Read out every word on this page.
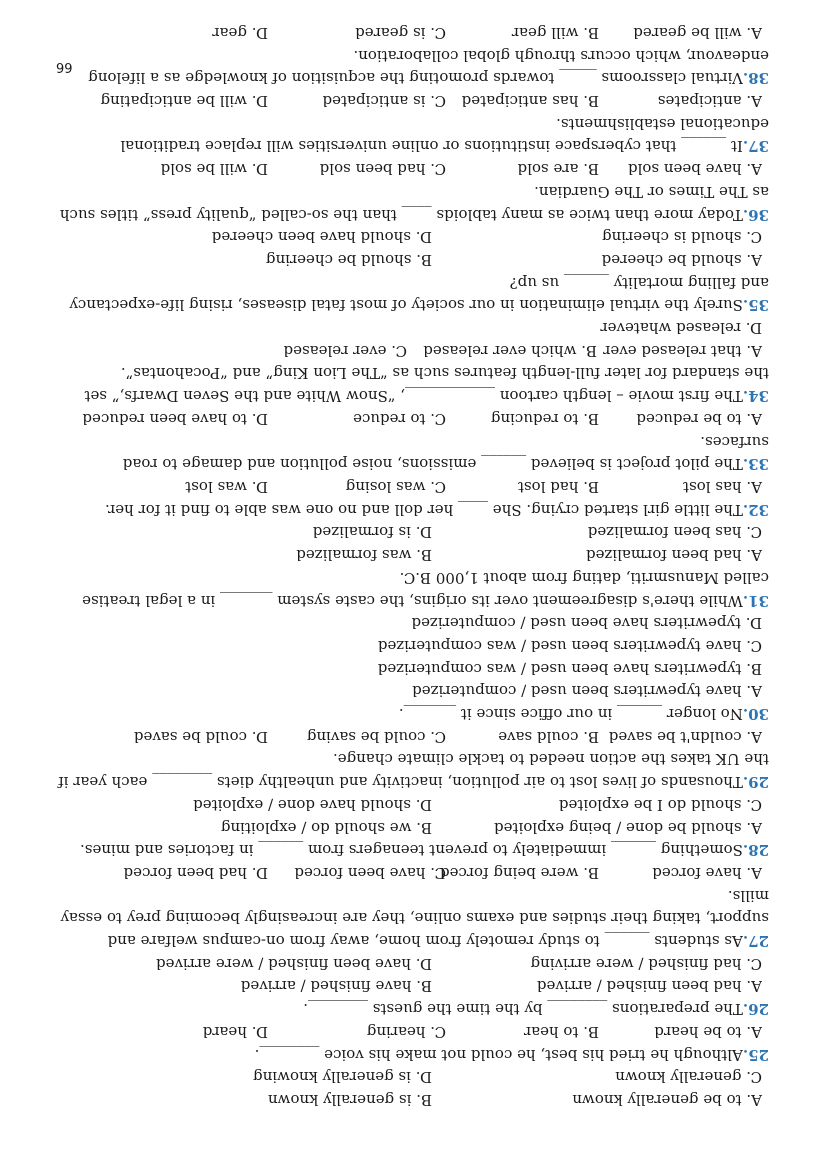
A. to be generally known
B. is generally known
C. generally known
D. is generally knowing

25.Although he tried his best, he could not make his voice ________.

A. to be heard
B. to hear
C. hearing
D. heard

26.The preparations ________ by the time the guests ________.

A. had been finished / arrived
B. have finished / arrived
C. had finished / were arriving
D. have been finished / were arrived

27.As students ______ to study remotely from home, away from on-campus welfare and support, taking their studies and exams online, they are increasingly becoming prey to essay mills.

A. have forced
B. were being forced
C. have been forced
D. had been forced

28.Something ______ immediately to prevent teenagers from ______ in factories and mines.

A. should be done / being exploited
B. we should do / exploiting
C. should do I be exploited
D. should have done / exploited

29.Thousands of lives lost to air pollution, inactivity and unhealthy diets ________ each year if the UK takes the action needed to tackle climate change.

A. couldn't be saved
B. could save
C. could be saving
D. could be saved

30.No longer ______ in our office since it _______.

A. have typewriters been used / computerized
B. typewriters have been used / was computerized
C. have typewriters been used / was computerized
D. typewriters have been used / computerized

31.While there's disagreement over its origins, the caste system _______ in a legal treatise called Manusmriti, dating from about 1,000 B.C.

A. had been formalized
B. was formalized
C. has been formalized
D. is formalized

32.The little girl started crying. She ____ her doll and no one was able to find it for her.

A. has lost
B. had lost
C. was losing
D. was lost

33.The pilot project is believed ______ emissions, noise pollution and damage to road surfaces.

A. to be reduced
B. to reducing
C. to reduce
D. to have been reduced

34.The first movie – length cartoon ____________, “Snow White and the Seven Dwarfs,” set the standard for later full-length features such as “The Lion King” and “Pocahontas”.

A. that released ever
B. which ever released
C. ever released
D. released whatever

35.Surely the virtual elimination in our society of most fatal diseases, rising life-expectancy and falling mortality ______ us up?

A. should be cheered
B. should be cheering
C. should is cheering
D. should have been cheered

36.Today more than twice as many tabloids ____ than the so-called “quality press” titles such as The Times or The Guardian.

A. have been sold
B. are sold
C. had been sold
D. will be sold

37.It ______ that cyberspace institutions or online universities will replace traditional educational establishments.

A. anticipates
B. has anticipated
C. is anticipated
D. will be anticipating

38.Virtual classrooms _____ towards promoting the acquisition of knowledge as a lifelong endeavour, which occurs through global collaboration.

A. will be geared
B. will gear
C. is geared
D. gear
66
